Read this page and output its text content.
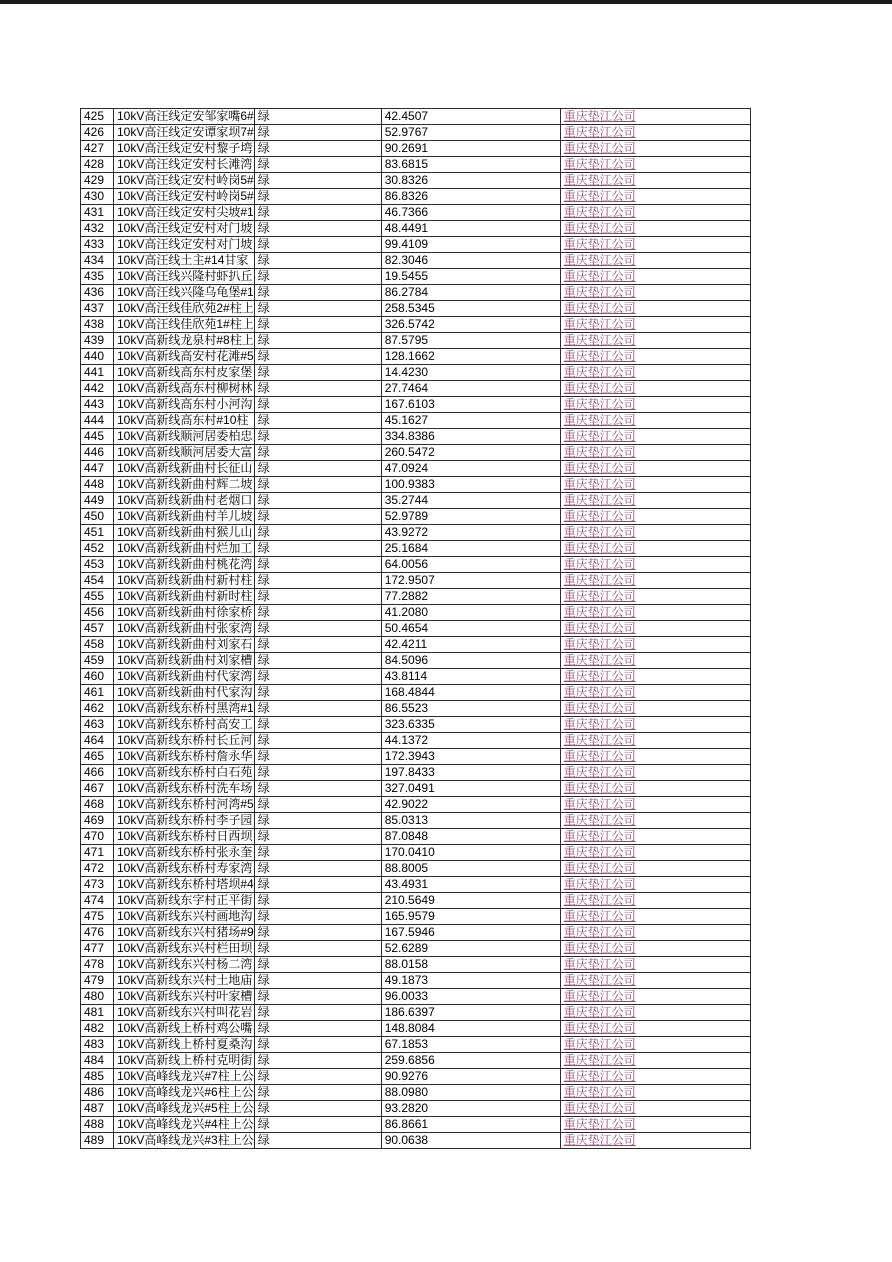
425	10kV高汪线定安邹家嘴6#	绿	42.4507	重庆垫江公司
426	10kV高汪线定安谭家坝7#	绿	52.9767	重庆垫江公司
427	10kV高汪线定安村黎子塆	绿	90.2691	重庆垫江公司
428	10kV高汪线定安村长滩湾	绿	83.6815	重庆垫江公司
429	10kV高汪线定安村岭岗5#	绿	30.8326	重庆垫江公司
430	10kV高汪线定安村岭岗5#	绿	86.8326	重庆垫江公司
431	10kV高汪线定安村尖坡#1	绿	46.7366	重庆垫江公司
432	10kV高汪线定安村对门坡	绿	48.4491	重庆垫江公司
433	10kV高汪线定安村对门坡	绿	99.4109	重庆垫江公司
434	10kV高汪线土主#14甘家	绿	82.3046	重庆垫江公司
435	10kV高汪线兴隆村虾扒丘	绿	19.5455	重庆垫江公司
436	10kV高汪线兴隆乌龟堡#1	绿	86.2784	重庆垫江公司
437	10kV高汪线佳欣苑2#柱上	绿	258.5345	重庆垫江公司
438	10kV高汪线佳欣苑1#柱上	绿	326.5742	重庆垫江公司
439	10kV高新线龙泉村#8柱上	绿	87.5795	重庆垫江公司
440	10kV高新线高安村花滩#5	绿	128.1662	重庆垫江公司
441	10kV高新线高东村皮家堡	绿	14.4230	重庆垫江公司
442	10kV高新线高东村柳树林	绿	27.7464	重庆垫江公司
443	10kV高新线高东村小河沟	绿	167.6103	重庆垫江公司
444	10kV高新线高东村#10柱	绿	45.1627	重庆垫江公司
445	10kV高新线顺河居委柏忠	绿	334.8386	重庆垫江公司
446	10kV高新线顺河居委大富	绿	260.5472	重庆垫江公司
447	10kV高新线新曲村长征山	绿	47.0924	重庆垫江公司
448	10kV高新线新曲村辉二坡	绿	100.9383	重庆垫江公司
449	10kV高新线新曲村老烟口	绿	35.2744	重庆垫江公司
450	10kV高新线新曲村羊儿坡	绿	52.9789	重庆垫江公司
451	10kV高新线新曲村猴儿山	绿	43.9272	重庆垫江公司
452	10kV高新线新曲村烂加工	绿	25.1684	重庆垫江公司
453	10kV高新线新曲村桃花湾	绿	64.0056	重庆垫江公司
454	10kV高新线新曲村新村柱	绿	172.9507	重庆垫江公司
455	10kV高新线新曲村新时柱	绿	77.2882	重庆垫江公司
456	10kV高新线新曲村徐家桥	绿	41.2080	重庆垫江公司
457	10kV高新线新曲村张家湾	绿	50.4654	重庆垫江公司
458	10kV高新线新曲村刘家石	绿	42.4211	重庆垫江公司
459	10kV高新线新曲村刘家槽	绿	84.5096	重庆垫江公司
460	10kV高新线新曲村代家湾	绿	43.8114	重庆垫江公司
461	10kV高新线新曲村代家沟	绿	168.4844	重庆垫江公司
462	10kV高新线东桥村黑湾#1	绿	86.5523	重庆垫江公司
463	10kV高新线东桥村高安工	绿	323.6335	重庆垫江公司
464	10kV高新线东桥村长丘河	绿	44.1372	重庆垫江公司
465	10kV高新线东桥村詹永华	绿	172.3943	重庆垫江公司
466	10kV高新线东桥村白石苑	绿	197.8433	重庆垫江公司
467	10kV高新线东桥村洗车场	绿	327.0491	重庆垫江公司
468	10kV高新线东桥村河湾#5	绿	42.9022	重庆垫江公司
469	10kV高新线东桥村李子园	绿	85.0313	重庆垫江公司
470	10kV高新线东桥村日西坝	绿	87.0848	重庆垫江公司
471	10kV高新线东桥村张永奎	绿	170.0410	重庆垫江公司
472	10kV高新线东桥村寿家湾	绿	88.8005	重庆垫江公司
473	10kV高新线东桥村塔坝#4	绿	43.4931	重庆垫江公司
474	10kV高新线东字村正平街	绿	210.5649	重庆垫江公司
475	10kV高新线东兴村画地沟	绿	165.9579	重庆垫江公司
476	10kV高新线东兴村猪场#9	绿	167.5946	重庆垫江公司
477	10kV高新线东兴村栏田坝	绿	52.6289	重庆垫江公司
478	10kV高新线东兴村杨二湾	绿	88.0158	重庆垫江公司
479	10kV高新线东兴村土地庙	绿	49.1873	重庆垫江公司
480	10kV高新线东兴村叶家槽	绿	96.0033	重庆垫江公司
481	10kV高新线东兴村叫花岩	绿	186.6397	重庆垫江公司
482	10kV高新线上桥村鸡公嘴	绿	148.8084	重庆垫江公司
483	10kV高新线上桥村夏桑沟	绿	67.1853	重庆垫江公司
484	10kV高新线上桥村克明街	绿	259.6856	重庆垫江公司
485	10kV高峰线龙兴#7柱上公	绿	90.9276	重庆垫江公司
486	10kV高峰线龙兴#6柱上公	绿	88.0980	重庆垫江公司
487	10kV高峰线龙兴#5柱上公	绿	93.2820	重庆垫江公司
488	10kV高峰线龙兴#4柱上公	绿	86.8661	重庆垫江公司
489	10kV高峰线龙兴#3柱上公	绿	90.0638	重庆垫江公司
